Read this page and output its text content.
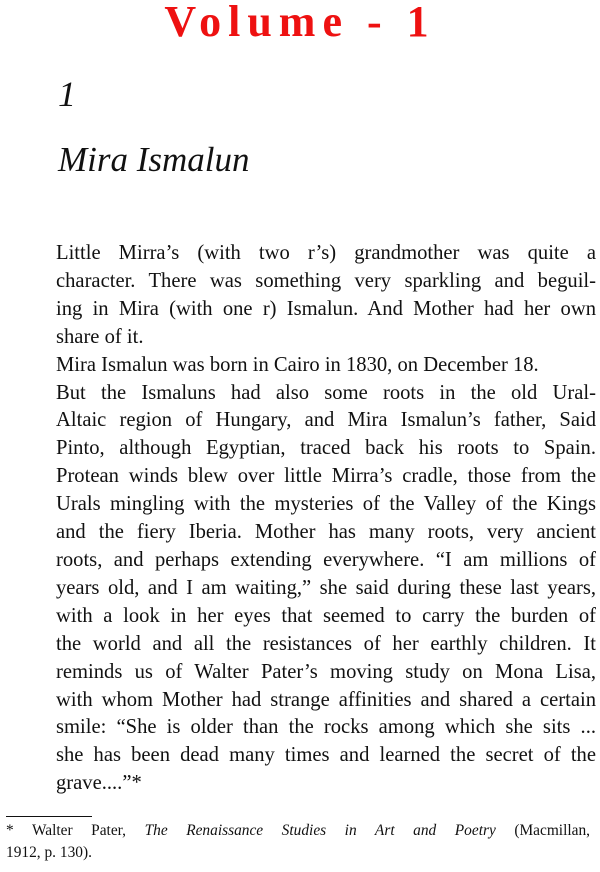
Volume - 1
1
Mira Ismalun

Little Mirra’s (with two r’s) grandmother was quite a
character. There was something very sparkling and beguil-
ing in Mira (with one r) Ismalun. And Mother had her own
share of it.

Mira Ismalun was born in Cairo in 1830, on December 18.

But the Ismaluns had also some roots in the old Ural-
Altaic region of Hungary, and Mira Ismalun’s father, Said
Pinto, although Egyptian, traced back his roots to Spain.
Protean winds blew over little Mirra’s cradle, those from the
Urals mingling with the mysteries of the Valley of the Kings
and the fiery Iberia. Mother has many roots, very ancient
roots, and perhaps extending everywhere. “I am millions of
years old, and I am waiting,” she said during these last years,
with a look in her eyes that seemed to carry the burden of
the world and all the resistances of her earthly children. It
reminds us of Walter Pater’s moving study on Mona Lisa,
with whom Mother had strange affinities and shared a certain
smile: “She is older than the rocks among which she sits ...
she has been dead many times and learned the secret of the
grave....”*

* Walter Pater, The Renaissance Studies in Art and Poetry (Macmillan,
1912, p. 130).
